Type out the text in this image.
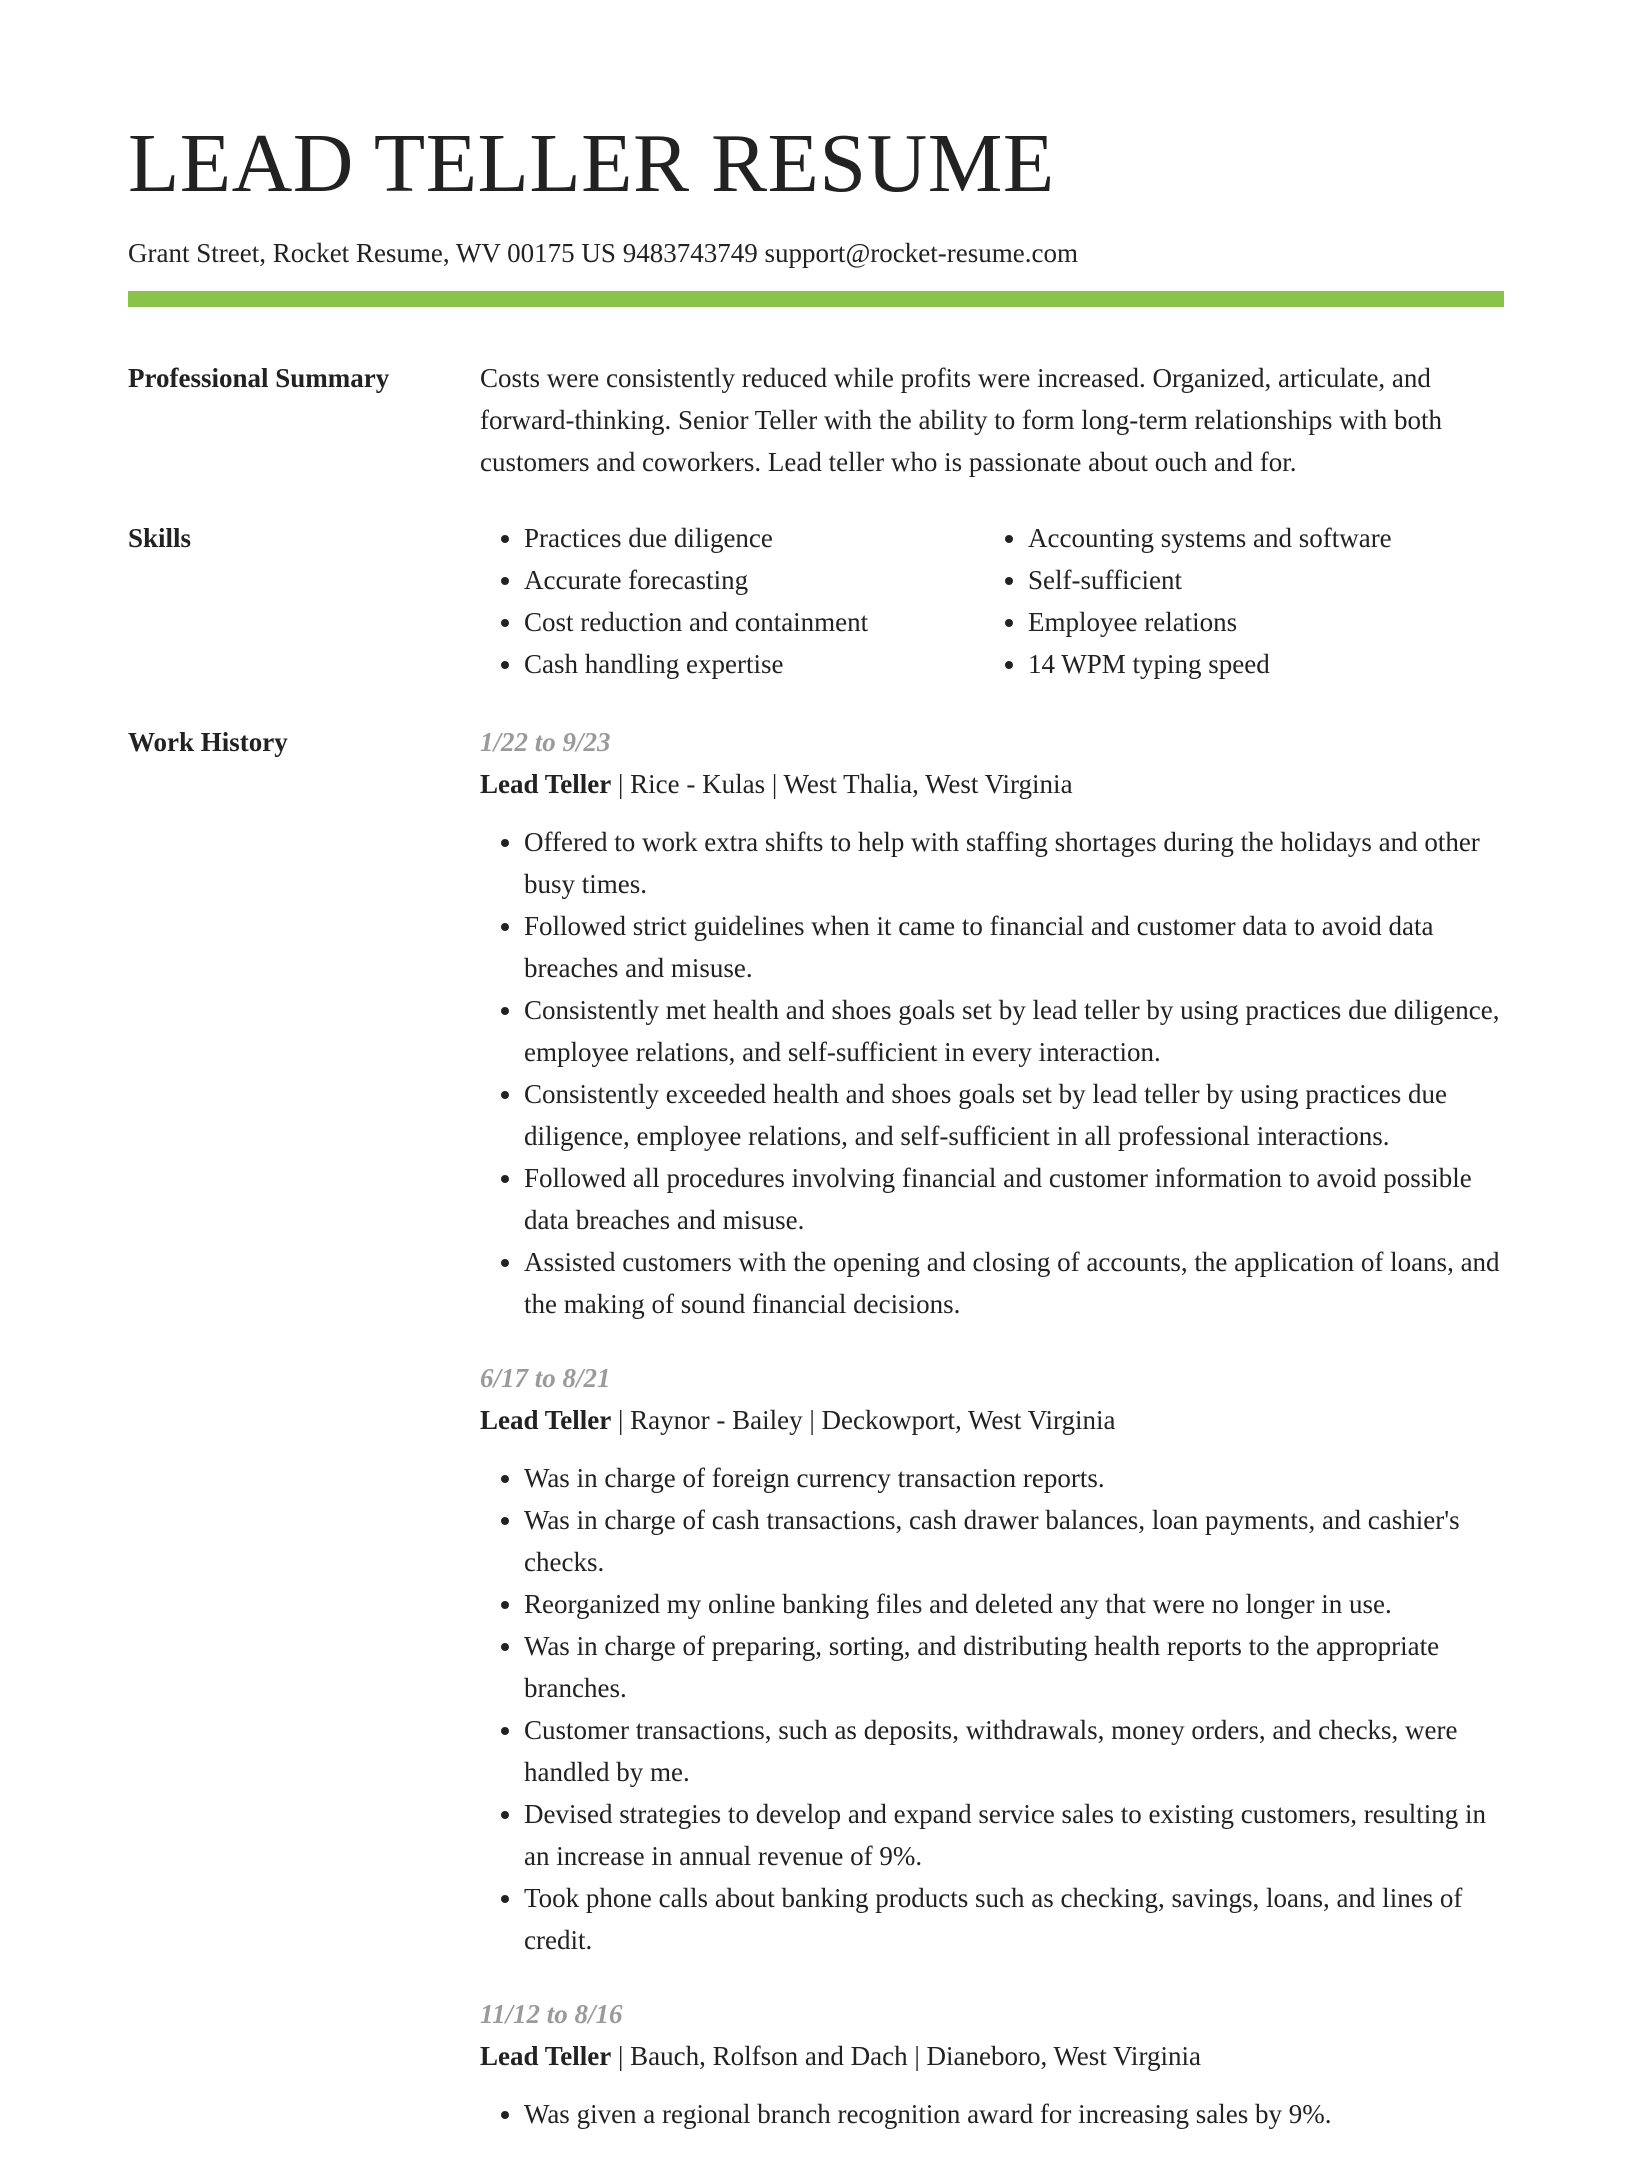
LEAD TELLER RESUME
Grant Street, Rocket Resume, WV 00175 US 9483743749 support@rocket-resume.com
Professional Summary	Costs were consistently reduced while profits were increased. Organized, articulate, and forward-thinking. Senior Teller with the ability to form long-term relationships with both customers and coworkers. Lead teller who is passionate about ouch and for.
Skills
•	Practices due diligence
• Accurate forecasting
• Cost reduction and containment
• Cash handling expertise
• Accounting systems and software
• Self-sufficient
• Employee relations
• 14 WPM typing speed
Work History	1/22 to 9/23
Lead Teller | Rice - Kulas | West Thalia, West Virginia
• Offered to work extra shifts to help with staffing shortages during the holidays and other busy times.
• Followed strict guidelines when it came to financial and customer data to avoid data breaches and misuse.
• Consistently met health and shoes goals set by lead teller by using practices due diligence, employee relations, and self-sufficient in every interaction.
• Consistently exceeded health and shoes goals set by lead teller by using practices due diligence, employee relations, and self-sufficient in all professional interactions.
• Followed all procedures involving financial and customer information to avoid possible data breaches and misuse.
• Assisted customers with the opening and closing of accounts, the application of loans, and the making of sound financial decisions.
6/17 to 8/21
Lead Teller | Raynor - Bailey | Deckowport, West Virginia
• Was in charge of foreign currency transaction reports.
• Was in charge of cash transactions, cash drawer balances, loan payments, and cashier's checks.
• Reorganized my online banking files and deleted any that were no longer in use.
• Was in charge of preparing, sorting, and distributing health reports to the appropriate branches.
• Customer transactions, such as deposits, withdrawals, money orders, and checks, were handled by me.
• Devised strategies to develop and expand service sales to existing customers, resulting in an increase in annual revenue of 9%.
• Took phone calls about banking products such as checking, savings, loans, and lines of credit.
11/12 to 8/16
Lead Teller | Bauch, Rolfson and Dach | Dianeboro, West Virginia
• Was given a regional branch recognition award for increasing sales by 9%.
